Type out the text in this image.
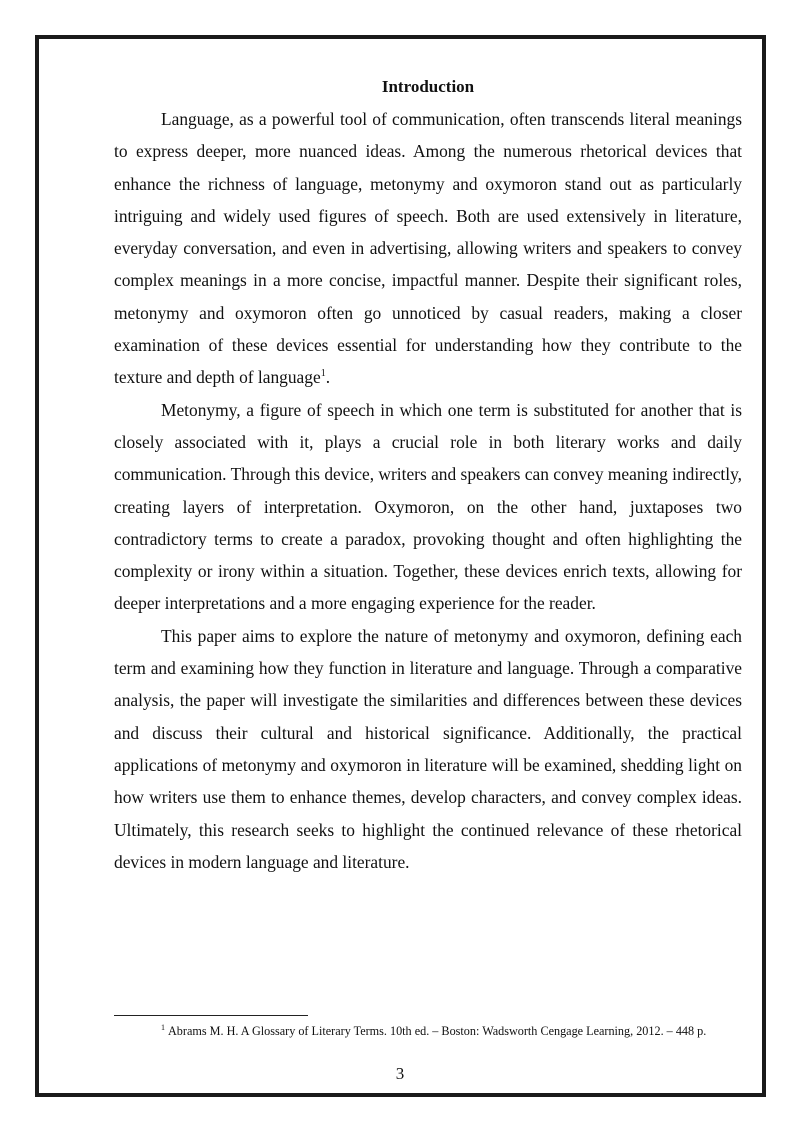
Introduction

Language, as a powerful tool of communication, often transcends literal meanings to express deeper, more nuanced ideas. Among the numerous rhetorical devices that enhance the richness of language, metonymy and oxymoron stand out as particularly intriguing and widely used figures of speech. Both are used extensively in literature, everyday conversation, and even in advertising, allowing writers and speakers to convey complex meanings in a more concise, impactful manner. Despite their significant roles, metonymy and oxymoron often go unnoticed by casual readers, making a closer examination of these devices essential for understanding how they contribute to the texture and depth of language$^1$.

Metonymy, a figure of speech in which one term is substituted for another that is closely associated with it, plays a crucial role in both literary works and daily communication. Through this device, writers and speakers can convey meaning indirectly, creating layers of interpretation. Oxymoron, on the other hand, juxtaposes two contradictory terms to create a paradox, provoking thought and often highlighting the complexity or irony within a situation. Together, these devices enrich texts, allowing for deeper interpretations and a more engaging experience for the reader.

This paper aims to explore the nature of metonymy and oxymoron, defining each term and examining how they function in literature and language. Through a comparative analysis, the paper will investigate the similarities and differences between these devices and discuss their cultural and historical significance. Additionally, the practical applications of metonymy and oxymoron in literature will be examined, shedding light on how writers use them to enhance themes, develop characters, and convey complex ideas. Ultimately, this research seeks to highlight the continued relevance of these rhetorical devices in modern language and literature.

$^1$ Abrams M. H. A Glossary of Literary Terms. 10th ed. – Boston: Wadsworth Cengage Learning, 2012. – 448 p.
3
